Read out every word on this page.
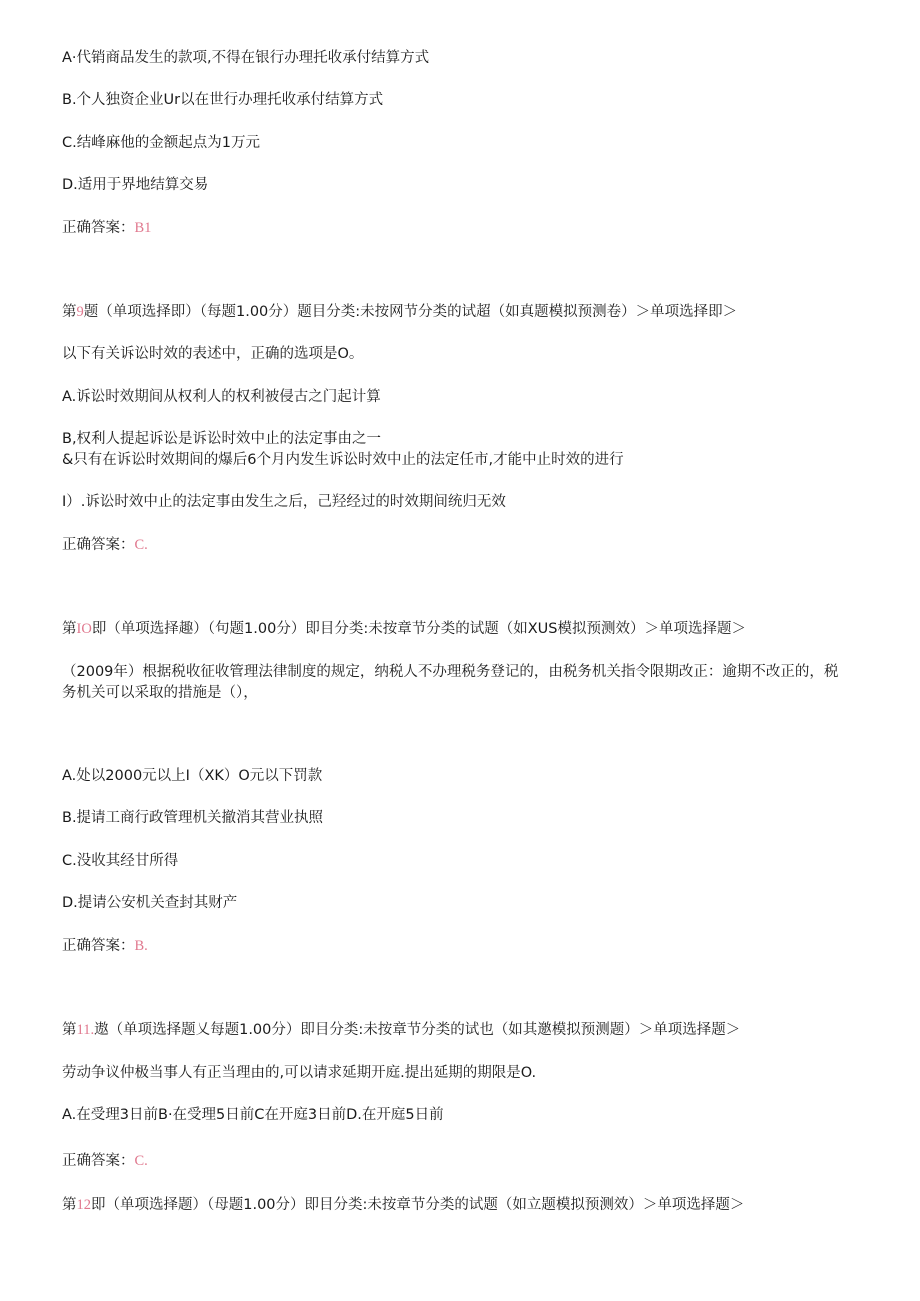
A·代销商品发生的款项,不得在银行办理托收承付结算方式
B.个人独资企业Ur以在世行办理托收承付结算方式
C.结峰麻他的金额起点为1万元
D.适用于界地结算交易
正确答案：B1
第9题（单项选择即）（每题1.00分）题目分类:未按网节分类的试超（如真题模拟预测卷）＞单项选择即＞
以下有关诉讼时效的表述中，正确的选项是O。
A.诉讼时效期间从权利人的权利被侵古之门起计算
B,权利人提起诉讼是诉讼时效中止的法定事由之一
&只有在诉讼时效期间的爆后6个月内发生诉讼时效中止的法定任市,才能中止时效的进行
I）.诉讼时效中止的法定事由发生之后，己羟经过的时效期间统归无效
正确答案：C.
第IO即（单项选择趣）（句题1.00分）即目分类:未按章节分类的试题（如XUS模拟预测效）＞单项选择题＞
（2009年）根据税收征收管理法律制度的规定，纳税人不办理税务登记的，由税务机关指令限期改正：逾期不改正的，税务机关可以采取的措施是（），
A.处以2000元以上I（XK）O元以下罚款
B.提请工商行政管理机关撤消其营业执照
C.没收其经甘所得
D.提请公安机关查封其财产
正确答案：B.
第11.遨（单项选择题乂每题1.00分）即目分类:未按章节分类的试也（如其邀模拟预测题）＞单项选择题＞
劳动争议仲极当事人有正当理由的,可以请求延期开庭.提出延期的期限是O.
A.在受理3日前B·在受理5日前C在开庭3日前D.在开庭5日前
正确答案：C.
第12即（单项选择题）（母题1.00分）即目分类:未按章节分类的试题（如立题模拟预测效）＞单项选择题＞
